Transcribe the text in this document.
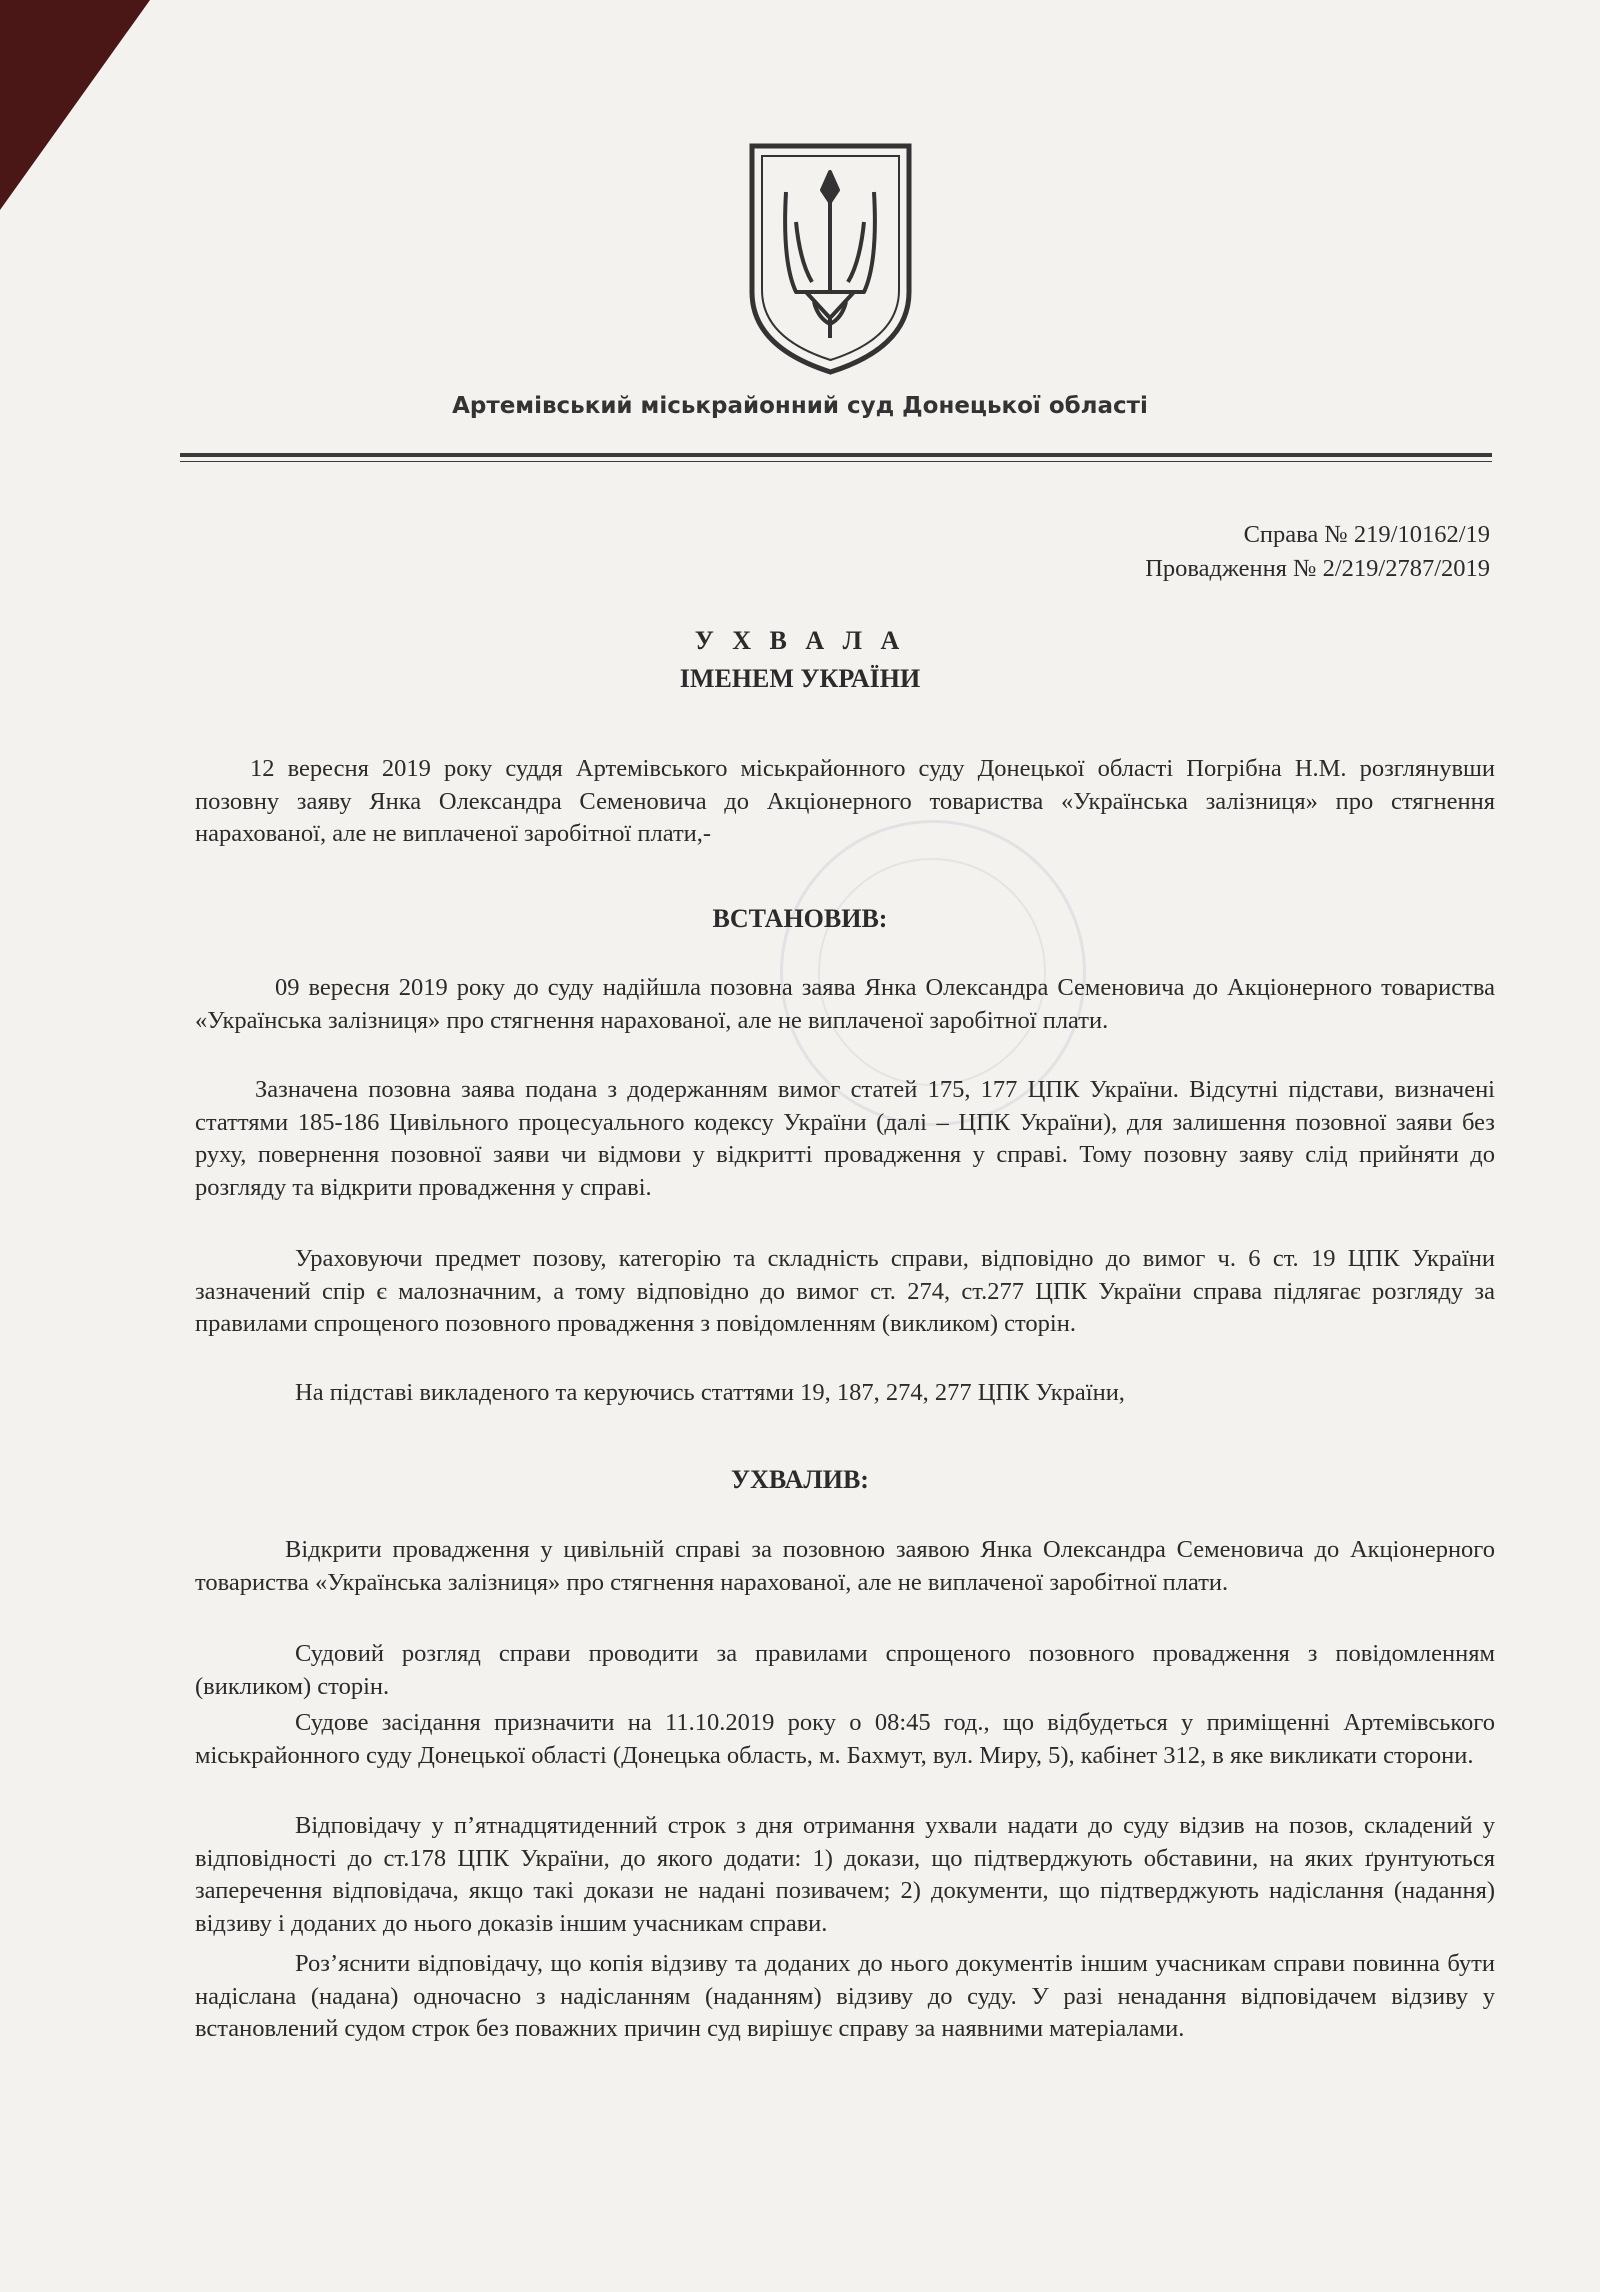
Артемівський міськрайонний суд Донецької області
Справа № 219/10162/19
Провадження № 2/219/2787/2019
У Х В А Л А
ІМЕНЕМ УКРАЇНИ

12 вересня 2019 року суддя Артемівського міськрайонного суду Донецької області Погрібна Н.М. розглянувши позовну заяву Янка Олександра Семеновича до Акціонерного товариства «Українська залізниця» про стягнення нарахованої, але не виплаченої заробітної плати,-

ВСТАНОВИВ:

09 вересня 2019 року до суду надійшла позовна заява Янка Олександра Семеновича до Акціонерного товариства «Українська залізниця» про стягнення нарахованої, але не виплаченої заробітної плати.

Зазначена позовна заява подана з додержанням вимог статей 175, 177 ЦПК України. Відсутні підстави, визначені статтями 185-186 Цивільного процесуального кодексу України (далі – ЦПК України), для залишення позовної заяви без руху, повернення позовної заяви чи відмови у відкритті провадження у справі. Тому позовну заяву слід прийняти до розгляду та відкрити провадження у справі.

Ураховуючи предмет позову, категорію та складність справи, відповідно до вимог ч. 6 ст. 19 ЦПК України зазначений спір є малозначним, а тому відповідно до вимог ст. 274, ст.277 ЦПК України справа підлягає розгляду за правилами спрощеного позовного провадження з повідомленням (викликом) сторін.

На підставі викладеного та керуючись статтями 19, 187, 274, 277 ЦПК України,

УХВАЛИВ:

Відкрити провадження у цивільній справі за позовною заявою Янка Олександра Семеновича до Акціонерного товариства «Українська залізниця» про стягнення нарахованої, але не виплаченої заробітної плати.

Судовий розгляд справи проводити за правилами спрощеного позовного провадження з повідомленням (викликом) сторін.

Судове засідання призначити на 11.10.2019 року о 08:45 год., що відбудеться у приміщенні Артемівського міськрайонного суду Донецької області (Донецька область, м. Бахмут, вул. Миру, 5), кабінет 312, в яке викликати сторони.

Відповідачу у п’ятнадцятиденний строк з дня отримання ухвали надати до суду відзив на позов, складений у відповідності до ст.178 ЦПК України, до якого додати: 1) докази, що підтверджують обставини, на яких ґрунтуються заперечення відповідача, якщо такі докази не надані позивачем; 2) документи, що підтверджують надіслання (надання) відзиву і доданих до нього доказів іншим учасникам справи.

Роз’яснити відповідачу, що копія відзиву та доданих до нього документів іншим учасникам справи повинна бути надіслана (надана) одночасно з надісланням (наданням) відзиву до суду. У разі ненадання відповідачем відзиву у встановлений судом строк без поважних причин суд вирішує справу за наявними матеріалами.
